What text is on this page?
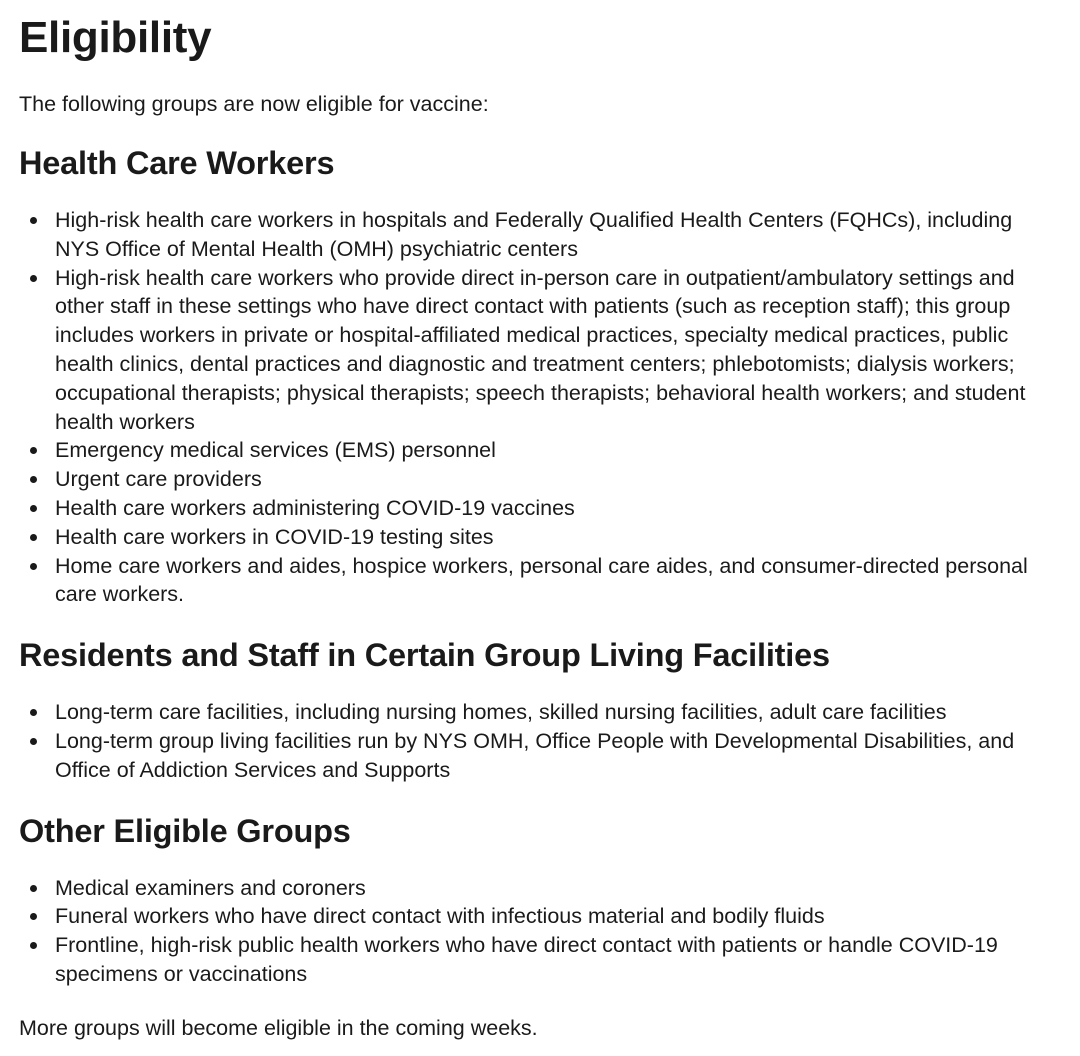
Eligibility

The following groups are now eligible for vaccine:

Health Care Workers
High-risk health care workers in hospitals and Federally Qualified Health Centers (FQHCs), including NYS Office of Mental Health (OMH) psychiatric centers
High-risk health care workers who provide direct in-person care in outpatient/ambulatory settings and other staff in these settings who have direct contact with patients (such as reception staff); this group includes workers in private or hospital-affiliated medical practices, specialty medical practices, public health clinics, dental practices and diagnostic and treatment centers; phlebotomists; dialysis workers; occupational therapists; physical therapists; speech therapists; behavioral health workers; and student health workers
Emergency medical services (EMS) personnel
Urgent care providers
Health care workers administering COVID-19 vaccines
Health care workers in COVID-19 testing sites
Home care workers and aides, hospice workers, personal care aides, and consumer-directed personal care workers.
Residents and Staff in Certain Group Living Facilities
Long-term care facilities, including nursing homes, skilled nursing facilities, adult care facilities
Long-term group living facilities run by NYS OMH, Office People with Developmental Disabilities, and Office of Addiction Services and Supports
Other Eligible Groups
Medical examiners and coroners
Funeral workers who have direct contact with infectious material and bodily fluids
Frontline, high-risk public health workers who have direct contact with patients or handle COVID-19 specimens or vaccinations

More groups will become eligible in the coming weeks.
